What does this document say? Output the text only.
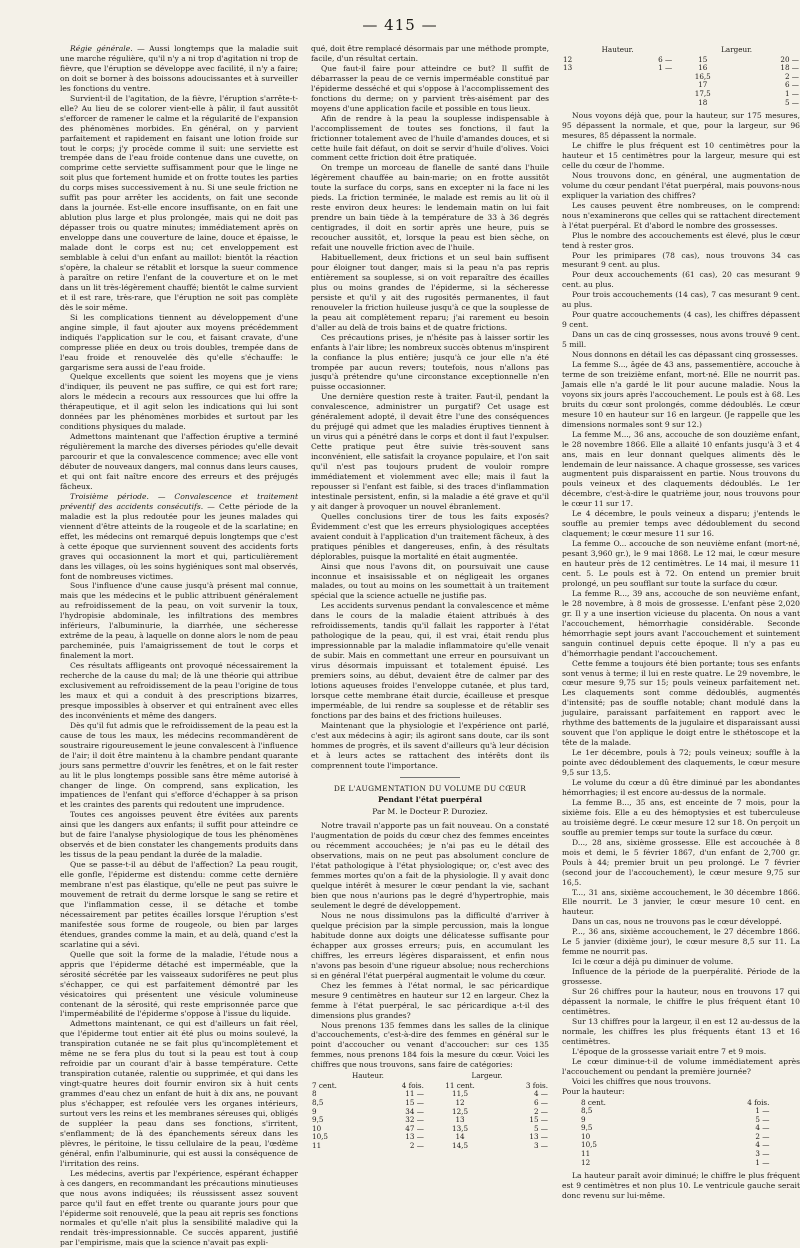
— 415 —

Régie générale. — Aussi longtemps que la maladie suit une marche régulière, qu'il n'y a ni trop d'agitation ni trop de fièvre, que l'éruption se développe avec facilité, il n'y a faire; on doit se borner à des boissons adoucissantes et à surveiller les fonctions du ventre.

Survient-il de l'agitation, de la fièvre, l'éruption s'arrête-t-elle? Au lieu de se colorer vient-elle à pâlir, il faut aussitôt s'efforcer de ramener le calme et la régularité de l'expansion des phénomènes morbides. En général, on y parvient parfaitement et rapidement en faisant une lotion froide sur tout le corps; j'y procède comme il suit: une serviette est trempée dans de l'eau froide contenue dans une cuvette, on comprime cette serviette suffisamment pour que le linge ne soit plus que fortement humide et on frotte toutes les parties du corps mises successivement à nu. Si une seule friction ne suffit pas pour arrêter les accidents, on fait une seconde dans la journée. Est-elle encore insuffisante, on en fait une ablution plus large et plus prolongée, mais qui ne doit pas dépasser trois ou quatre minutes; immédiatement après on enveloppe dans une couverture de laine, douce et épaisse, le malade dont le corps est nu; cet enveloppement est semblable à celui d'un enfant au maillot: bientôt la réaction s'opère, la chaleur se rétablit et lorsque la sueur commence à paraître on retire l'enfant de la couverture et on le met dans un lit très-légèrement chauffé; bientôt le calme survient et il est rare, très-rare, que l'éruption ne soit pas complète dès le soir même.

Si les complications tiennent au développement d'une angine simple, il faut ajouter aux moyens précédemment indiqués l'application sur le cou, et faisant cravate, d'une compresse pliée en deux ou trois doubles, trempée dans de l'eau froide et renouvelée dès qu'elle s'échauffe: le gargarisme sera aussi de l'eau froide.

Quelque excellents que soient les moyens que je viens d'indiquer, ils peuvent ne pas suffire, ce qui est fort rare; alors le médecin a recours aux ressources que lui offre la thérapeutique, et il agit selon les indications qui lui sont données par les phénomènes morbides et surtout par les conditions physiques du malade.

Admettons maintenant que l'affection éruptive a terminé régulièrement la marche des diverses périodes qu'elle devait parcourir et que la convalescence commence; avec elle vont débuter de nouveaux dangers, mal connus dans leurs causes, et qui ont fait naître encore des erreurs et des préjugés fâcheux.

Troisième période. — Convalescence et traitement préventif des accidents consécutifs. — Cette période de la maladie est la plus redoutée pour les jeunes malades qui viennent d'être atteints de la rougeole et de la scarlatine; en effet, les médecins ont remarqué depuis longtemps que c'est à cette époque que surviennent souvent des accidents forts graves qui occasionnent la mort et qui, particulièrement dans les villages, où les soins hygiéniques sont mal observés, font de nombreuses victimes.

Sous l'influence d'une cause jusqu'à présent mal connue, mais que les médecins et le public attribuent généralement au refroidissement de la peau, on voit survenir la toux, l'hydropisie abdominale, les infiltrations des membres inférieurs, l'albuminurie, la diarrhée, une sécheresse extrême de la peau, à laquelle on donne alors le nom de peau parcheminée, puis l'amaigrissement de tout le corps et finalement la mort.

Ces résultats affligeants ont provoqué nécessairement la recherche de la cause du mal; de là une théorie qui attribue exclusivement au refroidissement de la peau l'origine de tous les maux et qui a conduit à des prescriptions bizarres, presque impossibles à observer et qui entraînent avec elles des inconvénients et même des dangers.

Dès qu'il fut admis que le refroidissement de la peau est la cause de tous les maux, les médecins recommandèrent de soustraire rigoureusement le jeune convalescent à l'influence de l'air; il doit être maintenu à la chambre pendant quarante jours sans permettre d'ouvrir les fenêtres, et on le fait rester au lit le plus longtemps possible sans être même autorisé à changer de linge. On comprend, sans explication, les impatiences de l'enfant qui s'efforce d'échapper à sa prison et les craintes des parents qui redoutent une imprudence.

Toutes ces angoisses peuvent être évitées aux parents ainsi que les dangers aux enfants; il suffit pour atteindre ce but de faire l'analyse physiologique de tous les phénomènes observés et de bien constater les changements produits dans les tissus de la peau pendant la durée de la maladie.

Que se passe-t-il au début de l'affection? La peau rougit, elle gonfle, l'épiderme est distendu: comme cette dernière membrane n'est pas élastique, qu'elle ne peut pas suivre le mouvement de retrait du derme lorsque le sang se retire et que l'inflammation cesse, il se détache et tombe nécessairement par petites écailles lorsque l'éruption s'est manifestée sous forme de rougeole, ou bien par larges étendues, grandes comme la main, et au delà, quand c'est la scarlatine qui a sévi.

Quelle que soit la forme de la maladie, l'étude nous a appris que l'épiderme détaché est imperméable, que la sérosité sécrétée par les vaisseaux sudorifères ne peut plus s'échapper, ce qui est parfaitement démontré par les vésicatoires qui présentent une vésicule volumineuse contenant de la sérosité, qui reste emprisonnée parce que l'imperméabilité de l'épiderme s'oppose à l'issue du liquide.

Admettons maintenant, ce qui est d'ailleurs un fait réel, que l'épiderme tout entier ait été plus ou moins soulevé, la transpiration cutanée ne se fait plus qu'incomplètement et même ne se fera plus du tout si la peau est tout à coup refroidie par un courant d'air à basse température. Cette transpiration cutanée, ralentie ou supprimée, et qui dans les vingt-quatre heures doit fournir environ six à huit cents grammes d'eau chez un enfant de huit à dix ans, ne pouvant plus s'échapper, est refoulée vers les organes intérieurs, surtout vers les reins et les membranes séreuses qui, obligés de suppléer la peau dans ses fonctions, s'irritent, s'enflamment; de là des épanchements séreux dans les plèvres, le péritoine, le tissu cellulaire de la peau, l'œdème général, enfin l'albuminurie, qui est aussi la conséquence de l'irritation des reins.

Les médecins, avertis par l'expérience, espérant échapper à ces dangers, en recommandant les précautions minutieuses que nous avons indiquées; ils réussissent assez souvent parce qu'il faut en effet trente ou quarante jours pour que l'épiderme soit renouvelé, que la peau ait repris ses fonctions normales et qu'elle n'ait plus la sensibilité maladive qui la rendait très-impressionnable. Ce succès apparent, justifié par l'empirisme, mais que la science n'avait pas expli-

qué, doit être remplacé désormais par une méthode prompte, facile, d'un résultat certain.

Que faut-il faire pour atteindre ce but? Il suffit de débarrasser la peau de ce vernis imperméable constitué par l'épiderme desséché et qui s'oppose à l'accomplissement des fonctions du derme; on y parvient très-aisément par des moyens d'une application facile et possible en tous lieux.

Afin de rendre à la peau la souplesse indispensable à l'accomplissement de toutes ses fonctions, il faut la frictionner totalement avec de l'huile d'amandes douces, et si cette huile fait défaut, on doit se servir d'huile d'olives. Voici comment cette friction doit être pratiquée.

On trempe un morceau de flanelle de santé dans l'huile légèrement chauffée au bain-marie; on en frotte aussitôt toute la surface du corps, sans en excepter ni la face ni les pieds. La friction terminée, le malade est remis au lit où il reste environ deux heures: le lendemain matin on lui fait prendre un bain tiède à la température de 33 à 36 degrés centigrades, il doit en sortir après une heure, puis se recoucher aussitôt, et, lorsque la peau est bien sèche, on refait une nouvelle friction avec de l'huile.

Habituellement, deux frictions et un seul bain suffisent pour éloigner tout danger, mais si la peau n'a pas repris entièrement sa souplesse, si on voit reparaître des écailles plus ou moins grandes de l'épiderme, si la sécheresse persiste et qu'il y ait des rugosités permanentes, il faut renouveler la friction huileuse jusqu'à ce que la souplesse de la peau ait complètement reparu; j'ai rarement eu besoin d'aller au delà de trois bains et de quatre frictions.

Ces précautions prises, je n'hésite pas à laisser sortir les enfants à l'air libre; les nombreux succès obtenus m'inspirent la confiance la plus entière; jusqu'à ce jour elle n'a été trompée par aucun revers; toutefois, nous n'allons pas jusqu'à prétendre qu'une circonstance exceptionnelle n'en puisse occasionner.

Une dernière question reste à traiter. Faut-il, pendant la convalescence, administrer un purgatif? Cet usage est généralement adopté, il devait être l'une des conséquences du préjugé qui admet que les maladies éruptives tiennent à un virus qui a pénétré dans le corps et dont il faut l'expulser. Cette pratique peut être suivie très-souvent sans inconvénient, elle satisfait la croyance populaire, et l'on sait qu'il n'est pas toujours prudent de vouloir rompre immédiatement et violemment avec elle; mais il faut la repousser si l'enfant est faible, si des traces d'inflammation intestinale persistent, enfin, si la maladie a été grave et qu'il y ait danger à provoquer un nouvel ébranlement.

Quelles conclusions tirer de tous les faits exposés? Évidemment c'est que les erreurs physiologiques acceptées avaient conduit à l'application d'un traitement fâcheux, à des pratiques pénibles et dangereuses, enfin, à des résultats déplorables, puisque la mortalité en était augmentée.

Ainsi que nous l'avons dit, on poursuivait une cause inconnue et insaisissable et on négligeait les organes malades, ou tout au moins on les soumettait à un traitement spécial que la science actuelle ne justifie pas.

Les accidents survenus pendant la convalescence et même dans le cours de la maladie étaient attribués à des refroidissements, tandis qu'il fallait les rapporter à l'état pathologique de la peau, qui, il est vrai, était rendu plus impressionnable par la maladie inflammatoire qu'elle venait de subir. Mais en commettant une erreur en poursuivant un virus désormais impuissant et totalement épuisé. Les premiers soins, au début, devaient être de calmer par des lotions aqueuses froides l'enveloppe cutanée, et plus tard, lorsque cette membrane était durcie, écailleuse et presque imperméable, de lui rendre sa souplesse et de rétablir ses fonctions par des bains et des frictions huileuses.

Maintenant que la physiologie et l'expérience ont parlé, c'est aux médecins à agir; ils agiront sans doute, car ils sont hommes de progrès, et ils savent d'ailleurs qu'à leur décision et à leurs actes se rattachent des intérêts dont ils comprennent toute l'importance.

DE L'AUGMENTATION DU VOLUME DU CŒUR
Pendant l'état puerpéral
Par M. le Docteur P. Duroziez.

Notre travail n'apporte pas un fait nouveau. On a constaté l'augmentation de poids du cœur chez des femmes enceintes ou récemment accouchées; je n'ai pas eu le détail des observations, mais on ne peut pas absolument conclure de l'état pathologique à l'état physiologique; or, c'est avec des femmes mortes qu'on a fait de la physiologie. Il y avait donc quelque intérêt à mesurer le cœur pendant la vie, sachant bien que nous n'aurions pas le degré d'hypertrophie, mais seulement le degré de développement.

Nous ne nous dissimulons pas la difficulté d'arriver à quelque précision par la simple percussion, mais la longue habitude donne aux doigts une délicatesse suffisante pour échapper aux grosses erreurs; puis, en accumulant les chiffres, les erreurs légères disparaissent, et enfin nous n'avons pas besoin d'une rigueur absolue; nous recherchions si en général l'état puerpéral augmentait le volume du cœur.

Chez les femmes à l'état normal, le sac péricardique mesure 9 centimètres en hauteur sur 12 en largeur. Chez la femme à l'état puerpéral, le sac péricardique a-t-il des dimensions plus grandes?

Nous prenons 135 femmes dans les salles de la clinique d'accouchements, c'est-à-dire des femmes en général sur le point d'accoucher ou venant d'accoucher: sur ces 135 femmes, nous prenons 184 fois la mesure du cœur. Voici les chiffres que nous trouvons, sans faire de catégories:

Hauteur.		Largeur.	
7 cent.	4 fois.	11 cent.	3 fois.
8	11 —	11,5	4 —
8,5	15 —	12	6 —
9	34 —	12,5	2 —
9,5	32 —	13	15 —
10	47 —	13,5	5 —
10,5	13 —	14	13 —
11	2 —	14,5	3 —
Hauteur.		Largeur.	
12	6 —	15	20 —
13	1 —	16	18 —
		16,5	2 —
		17	6 —
		17,5	1 —
		18	5 —

Nous voyons déjà que, pour la hauteur, sur 175 mesures, 95 dépassent la normale, et que, pour la largeur, sur 96 mesures, 85 dépassent la normale.

Le chiffre le plus fréquent est 10 centimètres pour la hauteur et 15 centimètres pour la largeur, mesure qui est celle du cœur de l'homme.

Nous trouvons donc, en général, une augmentation de volume du cœur pendant l'état puerpéral, mais pouvons-nous expliquer la variation des chiffres?

Les causes peuvent être nombreuses, on le comprend: nous n'examinerons que celles qui se rattachent directement à l'état puerpéral. Et d'abord le nombre des grossesses.

Plus le nombre des accouchements est élevé, plus le cœur tend à rester gros.

Pour les primipares (78 cas), nous trouvons 34 cas mesurant 9 cent. au plus.

Pour deux accouchements (61 cas), 20 cas mesurant 9 cent. au plus.

Pour trois accouchements (14 cas), 7 cas mesurant 9 cent. au plus.

Pour quatre accouchements (4 cas), les chiffres dépassent 9 cent.

Dans un cas de cinq grossesses, nous avons trouvé 9 cent. 5 mill.

Nous donnons en détail les cas dépassant cinq grossesses.

La femme S..., âgée de 43 ans, passementière, accouche à terme de son treizième enfant, mort-né. Elle ne nourrit pas. Jamais elle n'a gardé le lit pour aucune maladie. Nous la voyons six jours après l'accouchement. Le pouls est à 68. Les bruits du cœur sont prolongés, comme dédoublés. Le cœur mesure 10 en hauteur sur 16 en largeur. (Je rappelle que les dimensions normales sont 9 sur 12.)

La femme M..., 36 ans, accouche de son douzième enfant, le 28 novembre 1866. Elle a allaité 10 enfants jusqu'à 3 et 4 ans, mais en leur donnant quelques aliments dès le lendemain de leur naissance. A chaque grossesse, ses varices augmentent puis disparaissent en partie. Nous trouvons du pouls veineux et des claquements dédoublés. Le 1er décembre, c'est-à-dire le quatrième jour, nous trouvons pour le cœur 11 sur 17.

Le 4 décembre, le pouls veineux a disparu; j'entends le souffle au premier temps avec dédoublement du second claquement; le cœur mesure 11 sur 16.

La femme O... accouche de son neuvième enfant (mort-né, pesant 3,960 gr.), le 9 mai 1868. Le 12 mai, le cœur mesure en hauteur près de 12 centimètres. Le 14 mai, il mesure 11 cent. 5. Le pouls est à 72. On entend un premier bruit prolongé, un peu soufflant sur toute la surface du cœur.

La femme R..., 39 ans, accouche de son neuvième enfant, le 28 novembre, à 8 mois de grossesse. L'enfant pèse 2,020 gr. Il y a une insertion vicieuse du placenta. On nous a vant l'accouchement, hémorrhagie considérable. Seconde hémorrhagie sept jours avant l'accouchement et suintement sanguin continuel depuis cette époque. Il n'y a pas eu d'hémorrhagie pendant l'accouchement.

Cette femme a toujours été bien portante; tous ses enfants sont venus à terme; il lui en reste quatre. Le 29 novembre, le cœur mesure 9,75 sur 15; pouls veineux parfaitement net. Les claquements sont comme dédoublés, augmentés d'intensité; pas de souffle notable; chant modulé dans la jugulaire, paraissant parfaitement en rapport avec le rhythme des battements de la jugulaire et disparaissant aussi souvent que l'on applique le doigt entre le sthétoscope et la tête de la malade.

Le 1er décembre, pouls à 72; pouls veineux; souffle à la pointe avec dédoublement des claquements, le cœur mesure 9,5 sur 13,5.

Le volume du cœur a dû être diminué par les abondantes hémorrhagies; il est encore au-dessus de la normale.

La femme B..., 35 ans, est enceinte de 7 mois, pour la sixième fois. Elle a eu des hémoptysies et est tuberculeuse au troisième degré. Le cœur mesure 12 sur 18. On perçoit un souffle au premier temps sur toute la surface du cœur.

D..., 28 ans, sixième grossesse. Elle est accouchée à 8 mois et demi, le 5 février 1867, d'un enfant de 2,700 gr. Pouls à 44; premier bruit un peu prolongé. Le 7 février (second jour de l'accouchement), le cœur mesure 9,75 sur 16,5.

T..., 31 ans, sixième accouchement, le 30 décembre 1866. Elle nourrit. Le 3 janvier, le cœur mesure 10 cent. en hauteur.

Dans un cas, nous ne trouvons pas le cœur développé.

P..., 36 ans, sixième accouchement, le 27 décembre 1866. Le 5 janvier (dixième jour), le cœur mesure 8,5 sur 11. La femme ne nourrit pas.

Ici le cœur a déjà pu diminuer de volume.

Influence de la période de la puerpéralité. Période de la grossesse.

Sur 26 chiffres pour la hauteur, nous en trouvons 17 qui dépassent la normale, le chiffre le plus fréquent étant 10 centimètres.

Sur 13 chiffres pour la largeur, il en est 12 au-dessus de la normale, les chiffres les plus fréquents étant 13 et 16 centimètres.

L'époque de la grossesse variait entre 7 et 9 mois.

Le cœur diminue-t-il de volume immédiatement après l'accouchement ou pendant la première journée?

Voici les chiffres que nous trouvons.

Pour la hauteur:

8 cent.	4 fois.
8,5	1 —
9	5 —
9,5	4 —
10	2 —
10,5	4 —
11	3 —
12	1 —

La hauteur paraît avoir diminué; le chiffre le plus fréquent est 9 centimètres et non plus 10. Le ventricule gauche serait donc revenu sur lui-même.
